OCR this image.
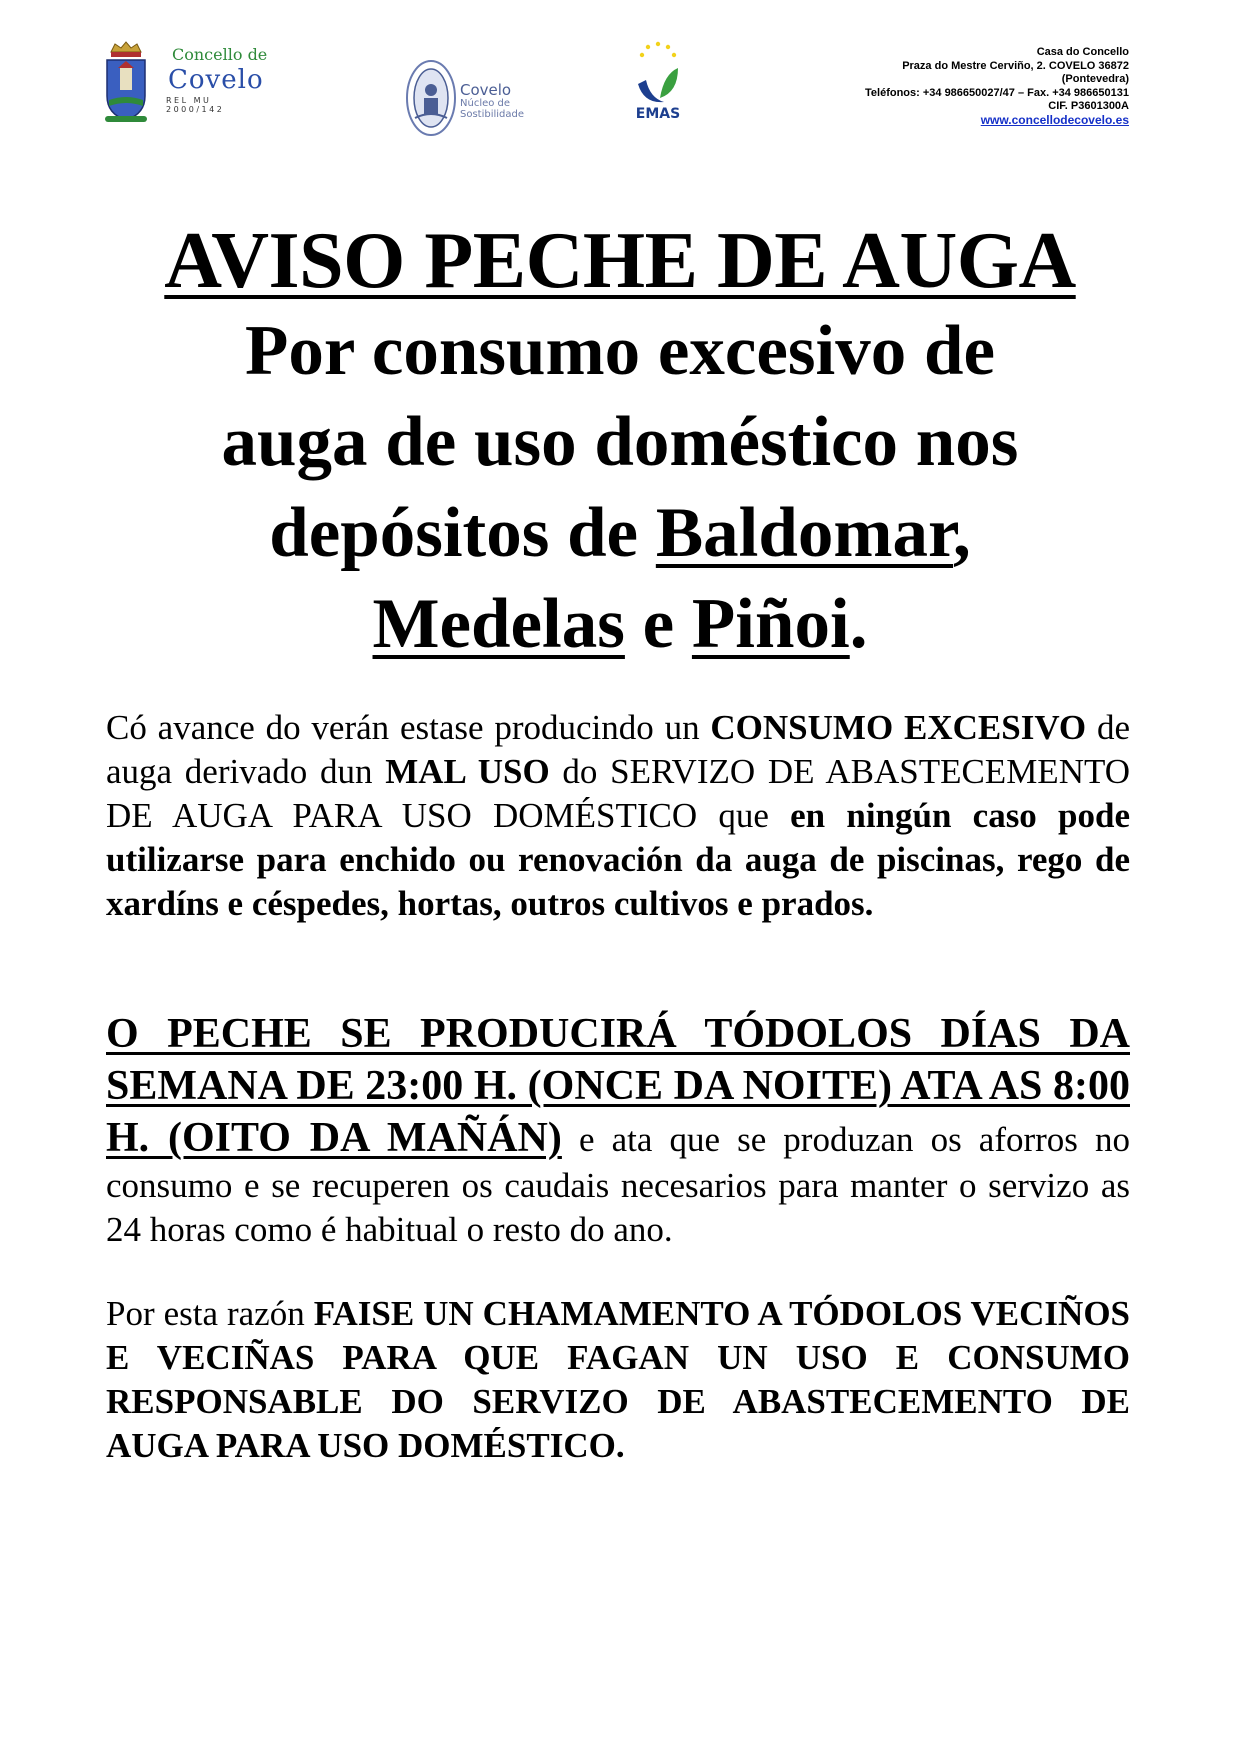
Concello de
Covelo
REL MU 2000/142
Covelo
Núcleo de
Sostibilidade	EMAS
Casa do Concello
Praza do Mestre Cerviño, 2. COVELO 36872
(Pontevedra)
Teléfonos: +34 986650027/47 – Fax. +34 986650131
CIF. P3601300A
www.concellodecovelo.es
AVISO PECHE DE AUGA
Por consumo excesivo de
auga de uso doméstico nos
depósitos de Baldomar,
Medelas e Piñoi.
Có avance do verán estase producindo un CONSUMO EXCESIVO de auga derivado dun MAL USO do SERVIZO DE ABASTECEMENTO DE AUGA PARA USO DOMÉSTICO que en ningún caso pode utilizarse para enchido ou renovación da auga de piscinas, rego de xardíns e céspedes, hortas, outros cultivos e prados.
O PECHE SE PRODUCIRÁ TÓDOLOS DÍAS DA SEMANA DE 23:00 H. (ONCE DA NOITE) ATA AS 8:00 H. (OITO DA MAÑÁN) e ata que se produzan os aforros no consumo e se recuperen os caudais necesarios para manter o servizo as 24 horas como é habitual o resto do ano.
Por esta razón FAISE UN CHAMAMENTO A TÓDOLOS VECIÑOS E VECIÑAS PARA QUE FAGAN UN USO E CONSUMO RESPONSABLE DO SERVIZO DE ABASTECEMENTO DE AUGA PARA USO DOMÉSTICO.
